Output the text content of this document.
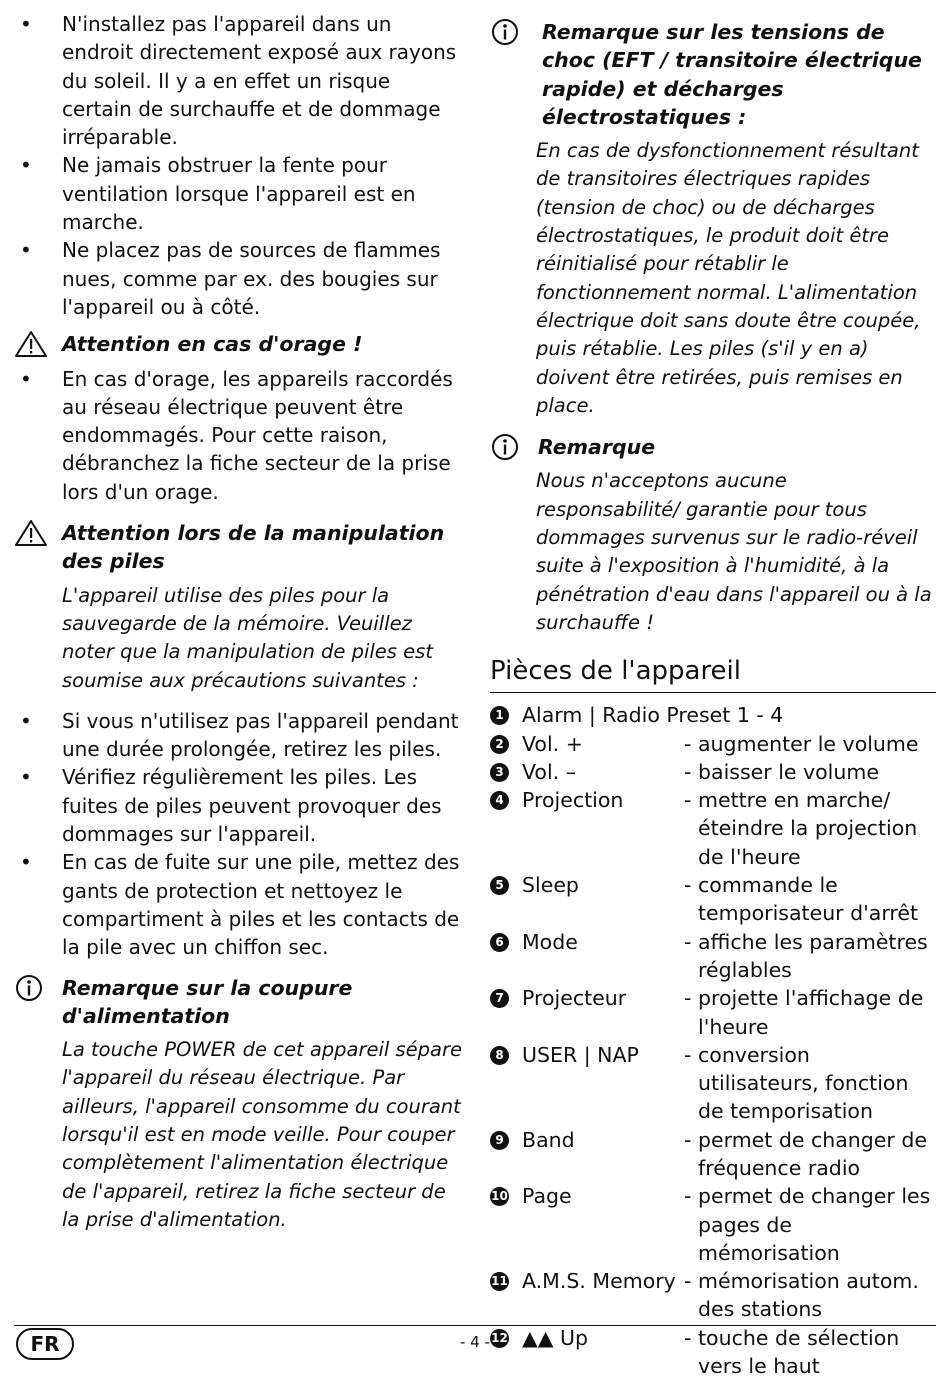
•	N'installez pas l'appareil dans un endroit directement exposé aux rayons du soleil. Il y a en effet un risque certain de surchauffe et de dommage irréparable.
•	Ne jamais obstruer la fente pour ventilation lorsque l'appareil est en marche.
•	Ne placez pas de sources de flammes nues, comme par ex. des bougies sur l'appareil ou à côté.
Attention en cas d'orage !
•	En cas d'orage, les appareils raccordés au réseau électrique peuvent être endommagés. Pour cette raison, débranchez la fiche secteur de la prise lors d'un orage.
Attention lors de la manipulation des piles
L'appareil utilise des piles pour la sauvegarde de la mémoire. Veuillez noter que la manipulation de piles est soumise aux précautions suivantes :
•	Si vous n'utilisez pas l'appareil pendant une durée prolongée, retirez les piles.
•	Vérifiez régulièrement les piles. Les fuites de piles peuvent provoquer des dommages sur l'appareil.
•	En cas de fuite sur une pile, mettez des gants de protection et nettoyez le compartiment à piles et les contacts de la pile avec un chiffon sec.
Remarque sur la coupure d'alimentation
La touche POWER de cet appareil sépare l'appareil du réseau électrique. Par ailleurs, l'appareil consomme du courant lorsqu'il est en mode veille. Pour couper complètement l'alimentation électrique de l'appareil, retirez la fiche secteur de la prise d'alimentation.
Remarque sur les tensions de choc (EFT / transitoire électrique rapide) et décharges électrostatiques :
En cas de dysfonctionnement résultant de transitoires électriques rapides (tension de choc) ou de décharges électrostatiques, le produit doit être réinitialisé pour rétablir le fonctionnement normal. L'alimentation électrique doit sans doute être coupée, puis rétablie. Les piles (s'il y en a) doivent être retirées, puis remises en place.
Remarque
Nous n'acceptons aucune responsabilité/ garantie pour tous dommages survenus sur le radio-réveil suite à l'exposition à l'humidité, à la pénétration d'eau dans l'appareil ou à la surchauffe !
Pièces de l'appareil
1 Alarm | Radio Preset 1 - 4
2 Vol. +	- augmenter le volume
3 Vol. –	- baisser le volume
4 Projection	- mettre en marche/éteindre la projection de l'heure
5 Sleep	- commande le temporisateur d'arrêt
6 Mode	- affiche les paramètres réglables
7 Projecteur	- projette l'affichage de l'heure
8 USER | NAP	- conversion utilisateurs, fonction de temporisation
9 Band	- permet de changer de fréquence radio
10 Page	- permet de changer les pages de mémorisation
11 A.M.S. Memory - mémorisation autom. des stations
12 ▲▲ Up	- touche de sélection vers le haut
FR	- 4 -
